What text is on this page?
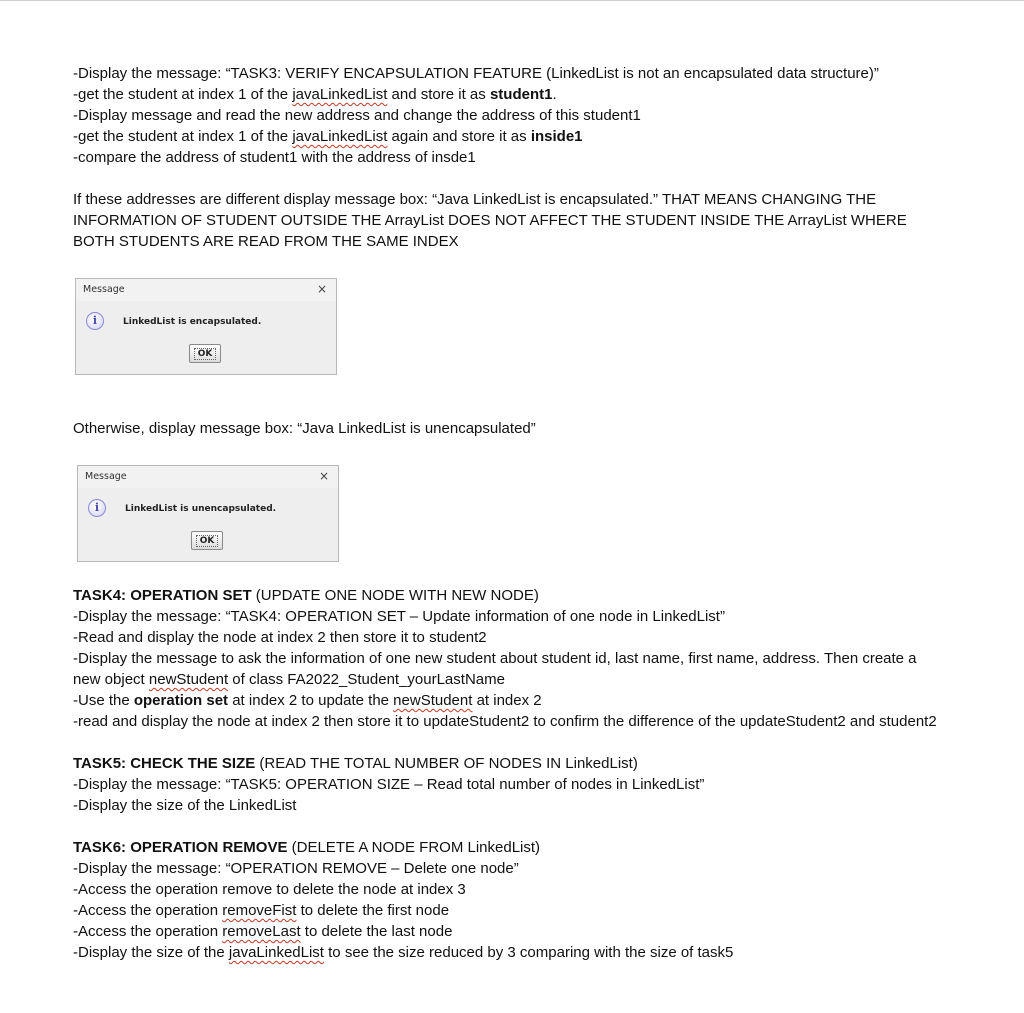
-Display the message: “TASK3: VERIFY ENCAPSULATION FEATURE (LinkedList is not an encapsulated data structure)”

-get the student at index 1 of the javaLinkedList and store it as student1.

-Display message and read the new address and change the address of this student1

-get the student at index 1 of the javaLinkedList again and store it as inside1

-compare the address of student1 with the address of insde1

If these addresses are different display message box: “Java LinkedList is encapsulated.” THAT MEANS CHANGING THE INFORMATION OF STUDENT OUTSIDE THE ArrayList DOES NOT AFFECT THE STUDENT INSIDE THE ArrayList WHERE BOTH STUDENTS ARE READ FROM THE SAME INDEX

Otherwise, display message box: “Java LinkedList is unencapsulated”

TASK4: OPERATION SET (UPDATE ONE NODE WITH NEW NODE)

-Display the message: “TASK4: OPERATION SET – Update information of one node in LinkedList”

-Read and display the node at index 2 then store it to student2

-Display the message to ask the information of one new student about student id, last name, first name, address. Then create a new object newStudent of class FA2022_Student_yourLastName

-Use the operation set at index 2 to update the newStudent at index 2

-read and display the node at index 2 then store it to updateStudent2 to confirm the difference of the updateStudent2 and student2

TASK5: CHECK THE SIZE (READ THE TOTAL NUMBER OF NODES IN LinkedList)

-Display the message: “TASK5: OPERATION SIZE – Read total number of nodes in LinkedList”

-Display the size of the LinkedList

TASK6: OPERATION REMOVE (DELETE A NODE FROM LinkedList)

-Display the message: “OPERATION REMOVE – Delete one node”

-Access the operation remove to delete the node at index 3

-Access the operation removeFist to delete the first node

-Access the operation removeLast to delete the last node

-Display the size of the javaLinkedList to see the size reduced by 3 comparing with the size of task5

Message	×
i	LinkedList is encapsulated.
OK
Message	×
i	LinkedList is unencapsulated.
OK
